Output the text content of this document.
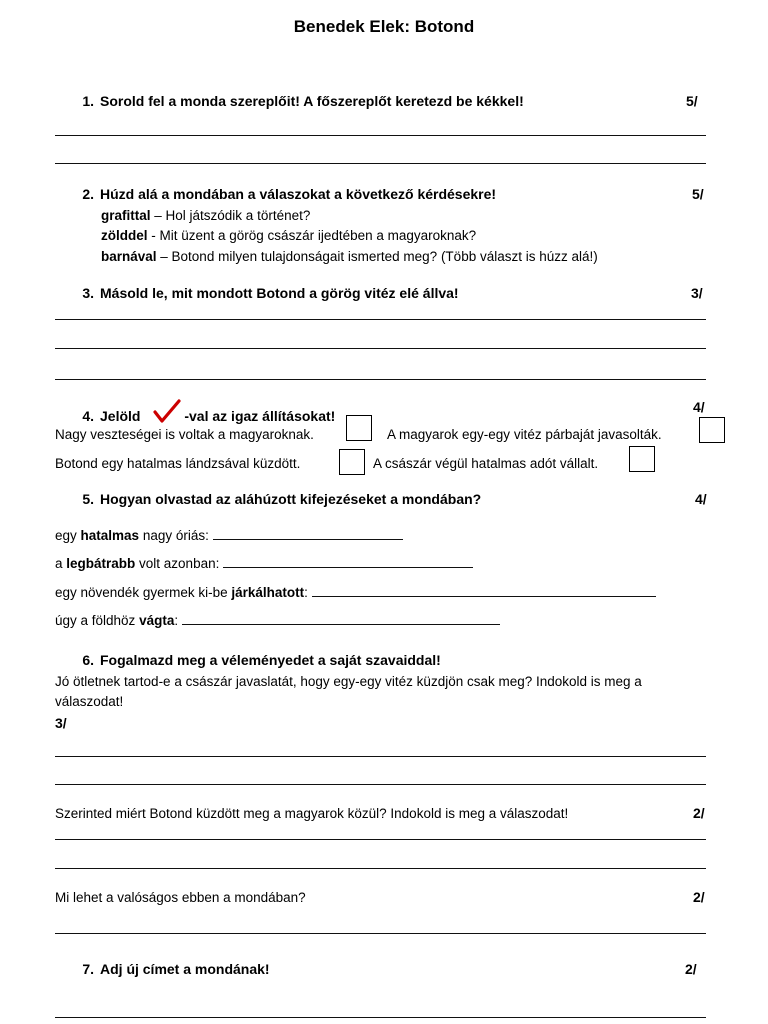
Benedek Elek: Botond
1. Sorold fel a monda szereplőit! A főszereplőt keretezd be kékkel!	5/
2. Húzd alá a mondában a válaszokat a következő kérdésekre!	5/
grafittal – Hol játszódik a történet?
zölddel - Mit üzent a görög császár ijedtében a magyaroknak?
barnával – Botond milyen tulajdonságait ismerted meg? (Több választ is húzz alá!)
3. Másold le, mit mondott Botond a görög vitéz elé állva!	3/
4. Jelöld	-val az igaz állításokat!
4/
Nagy veszteségei is voltak a magyaroknak.	A magyarok egy-egy vitéz párbaját javasolták.
Botond egy hatalmas lándzsával küzdött.	A császár végül hatalmas adót vállalt.
5. Hogyan olvastad az aláhúzott kifejezéseket a mondában?	4/
egy hatalmas nagy óriás:
a legbátrabb volt azonban:
egy növendék gyermek ki-be járkálhatott:
úgy a földhöz vágta:
6. Fogalmazd meg a véleményedet a saját szavaiddal!
Jó ötletnek tartod-e a császár javaslatát, hogy egy-egy vitéz küzdjön csak meg? Indokold is meg a
válaszodat!
3/
Szerinted miért Botond küzdött meg a magyarok közül? Indokold is meg a válaszodat!	2/
Mi lehet a valóságos ebben a mondában?	2/
7. Adj új címet a mondának!	2/
